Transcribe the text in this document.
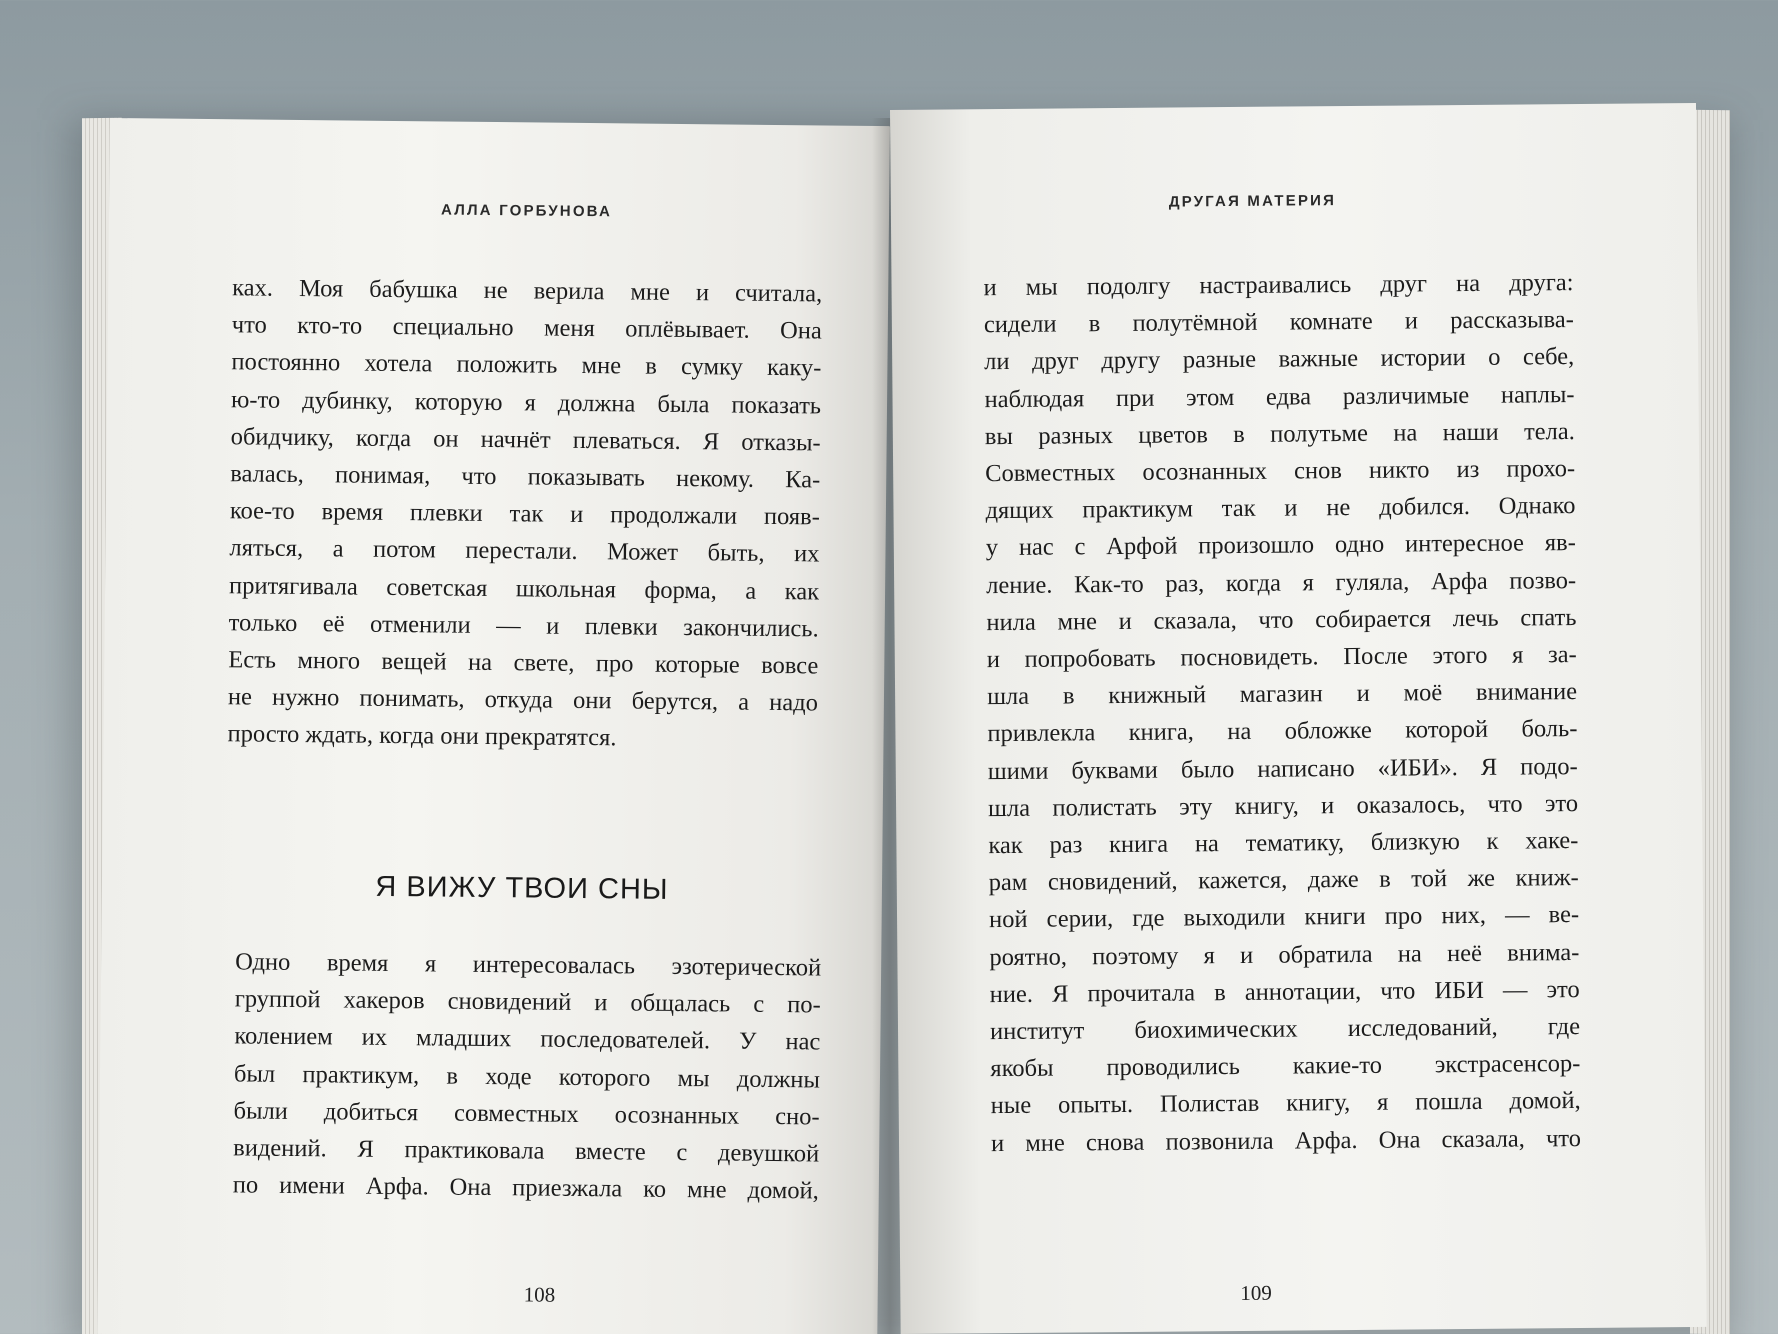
АЛЛА ГОРБУНОВА
ках. Моя бабушка не верила мне и считала,
что кто-то специально меня оплёвывает. Она
постоянно хотела положить мне в сумку каку-
ю-то дубинку, которую я должна была показать
обидчику, когда он начнёт плеваться. Я отказы-
валась, понимая, что показывать некому. Ка-
кое-то время плевки так и продолжали появ-
ляться, а потом перестали. Может быть, их
притягивала советская школьная форма, а как
только её отменили — и плевки закончились.
Есть много вещей на свете, про которые вовсе
не нужно понимать, откуда они берутся, а надо
просто ждать, когда они прекратятся.
Я ВИЖУ ТВОИ СНЫ
Одно время я интересовалась эзотерической
группой хакеров сновидений и общалась с по-
колением их младших последователей. У нас
был практикум, в ходе которого мы должны
были добиться совместных осознанных сно-
видений. Я практиковала вместе с девушкой
по имени Арфа. Она приезжала ко мне домой,
108
ДРУГАЯ МАТЕРИЯ
и мы подолгу настраивались друг на друга:
сидели в полутёмной комнате и рассказыва-
ли друг другу разные важные истории о себе,
наблюдая при этом едва различимые наплы-
вы разных цветов в полутьме на наши тела.
Совместных осознанных снов никто из прохо-
дящих практикум так и не добился. Однако
у нас с Арфой произошло одно интересное яв-
ление. Как-то раз, когда я гуляла, Арфа позво-
нила мне и сказала, что собирается лечь спать
и попробовать посновидеть. После этого я за-
шла в книжный магазин и моё внимание
привлекла книга, на обложке которой боль-
шими буквами было написано «ИБИ». Я подо-
шла полистать эту книгу, и оказалось, что это
как раз книга на тематику, близкую к хаке-
рам сновидений, кажется, даже в той же книж-
ной серии, где выходили книги про них, — ве-
роятно, поэтому я и обратила на неё внима-
ние. Я прочитала в аннотации, что ИБИ — это
институт биохимических исследований, где
якобы проводились какие-то экстрасенсор-
ные опыты. Полистав книгу, я пошла домой,
и мне снова позвонила Арфа. Она сказала, что
109
